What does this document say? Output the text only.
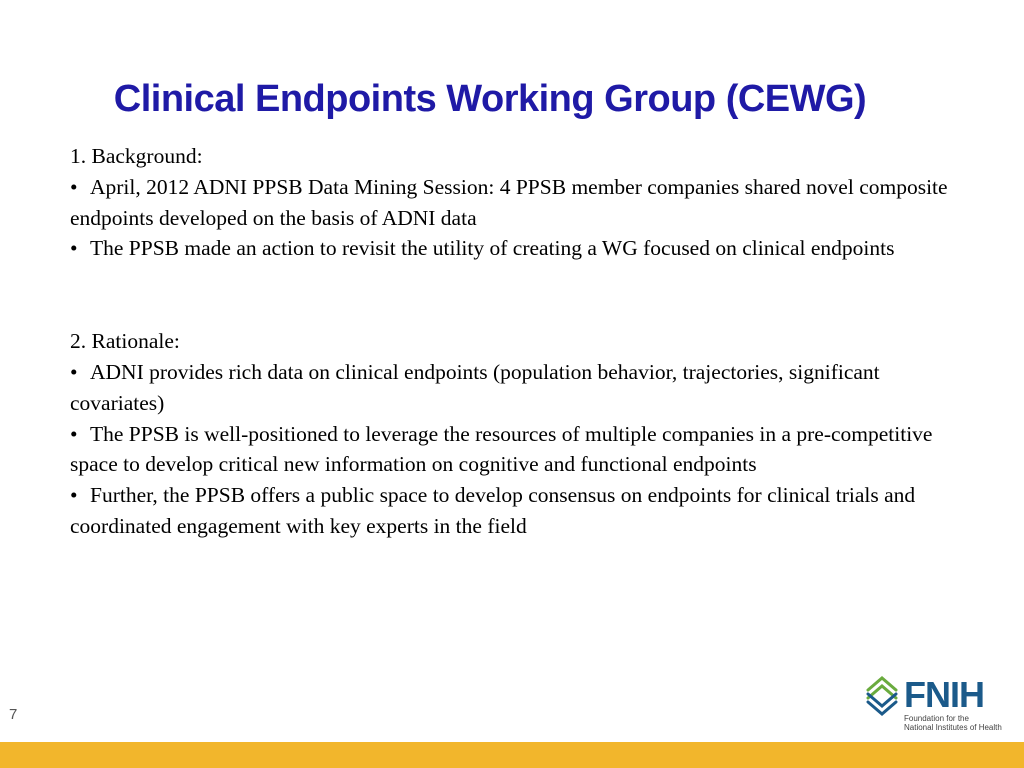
Clinical Endpoints Working Group (CEWG)

1. Background:

• April, 2012 ADNI PPSB Data Mining Session: 4 PPSB member companies shared novel composite endpoints developed on the basis of ADNI data

• The PPSB made an action to revisit the utility of creating a WG focused on clinical endpoints

2. Rationale:

• ADNI provides rich data on clinical endpoints (population behavior, trajectories, significant covariates)

• The PPSB is well-positioned to leverage the resources of multiple companies in a pre-competitive space to develop critical new information on cognitive and functional endpoints

• Further, the PPSB offers a public space to develop consensus on endpoints for clinical trials and coordinated engagement with key experts in the field

7	FNIH
Foundation for the
National Institutes of Health
